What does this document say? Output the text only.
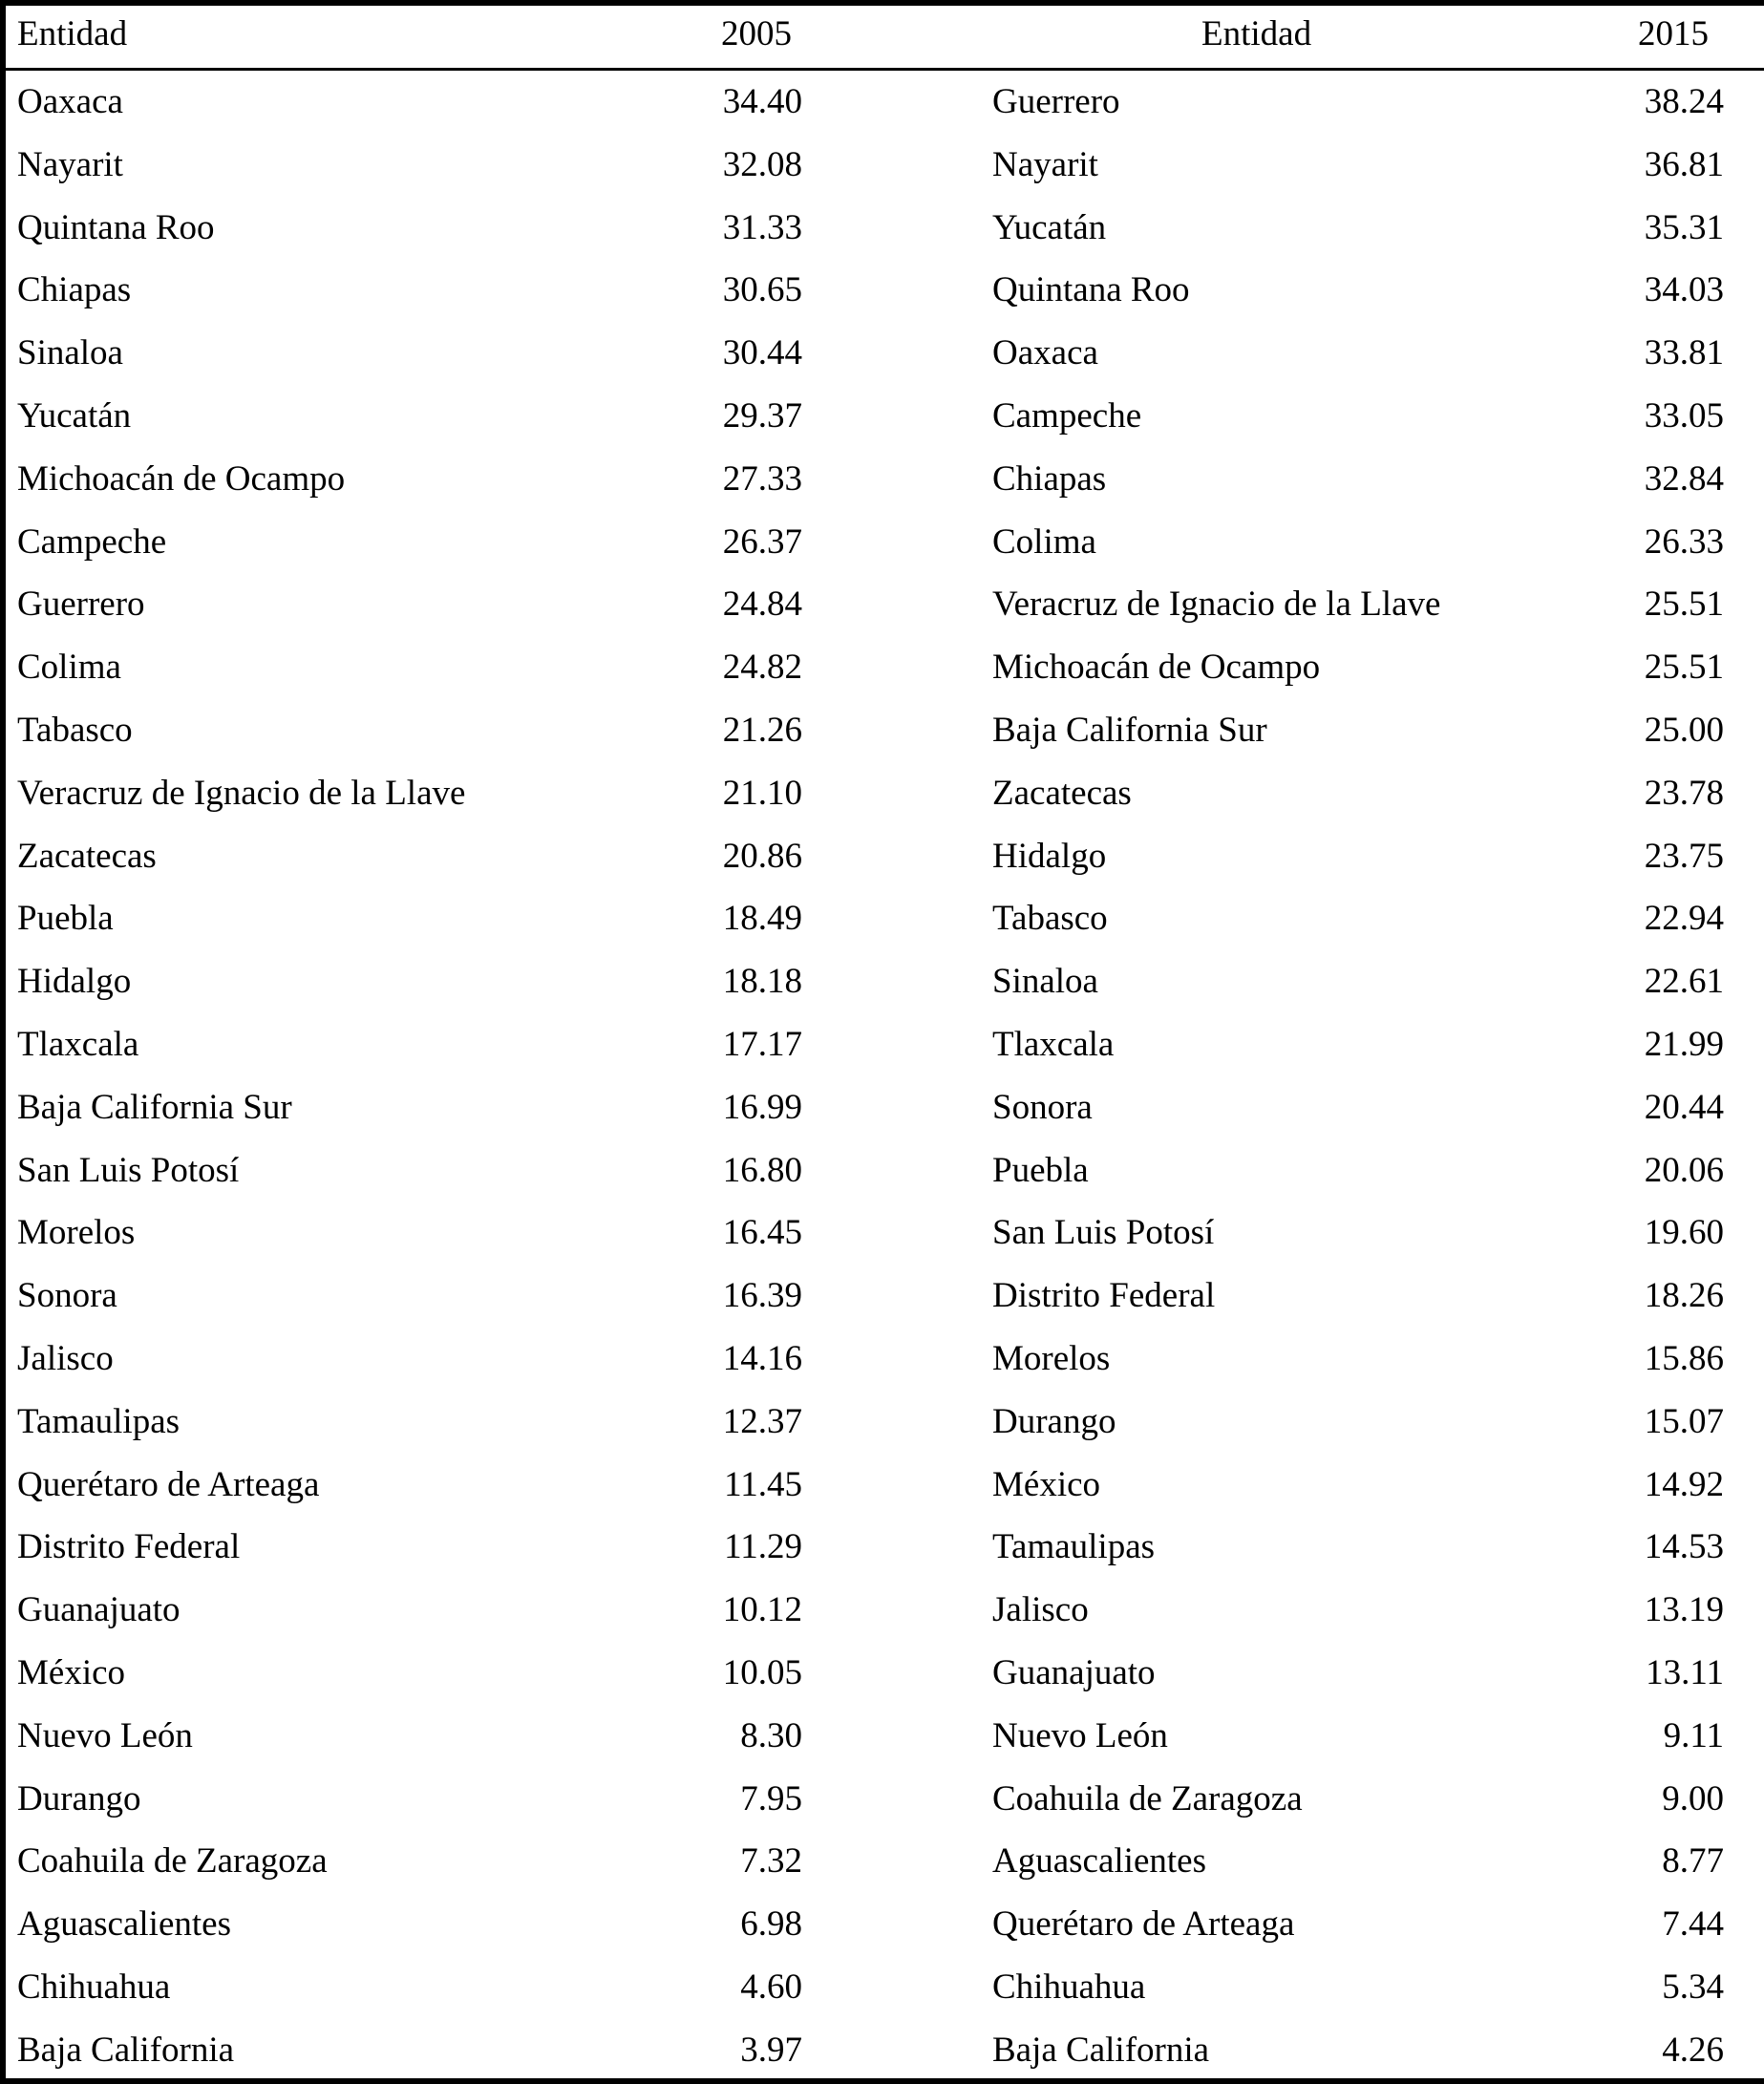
Entidad	2005	Entidad	2015
Oaxaca	34.40	Guerrero	38.24
Nayarit	32.08	Nayarit	36.81
Quintana Roo	31.33	Yucatán	35.31
Chiapas	30.65	Quintana Roo	34.03
Sinaloa	30.44	Oaxaca	33.81
Yucatán	29.37	Campeche	33.05
Michoacán de Ocampo	27.33	Chiapas	32.84
Campeche	26.37	Colima	26.33
Guerrero	24.84	Veracruz de Ignacio de la Llave	25.51
Colima	24.82	Michoacán de Ocampo	25.51
Tabasco	21.26	Baja California Sur	25.00
Veracruz de Ignacio de la Llave	21.10	Zacatecas	23.78
Zacatecas	20.86	Hidalgo	23.75
Puebla	18.49	Tabasco	22.94
Hidalgo	18.18	Sinaloa	22.61
Tlaxcala	17.17	Tlaxcala	21.99
Baja California Sur	16.99	Sonora	20.44
San Luis Potosí	16.80	Puebla	20.06
Morelos	16.45	San Luis Potosí	19.60
Sonora	16.39	Distrito Federal	18.26
Jalisco	14.16	Morelos	15.86
Tamaulipas	12.37	Durango	15.07
Querétaro de Arteaga	11.45	México	14.92
Distrito Federal	11.29	Tamaulipas	14.53
Guanajuato	10.12	Jalisco	13.19
México	10.05	Guanajuato	13.11
Nuevo León	8.30	Nuevo León	9.11
Durango	7.95	Coahuila de Zaragoza	9.00
Coahuila de Zaragoza	7.32	Aguascalientes	8.77
Aguascalientes	6.98	Querétaro de Arteaga	7.44
Chihuahua	4.60	Chihuahua	5.34
Baja California	3.97	Baja California	4.26
